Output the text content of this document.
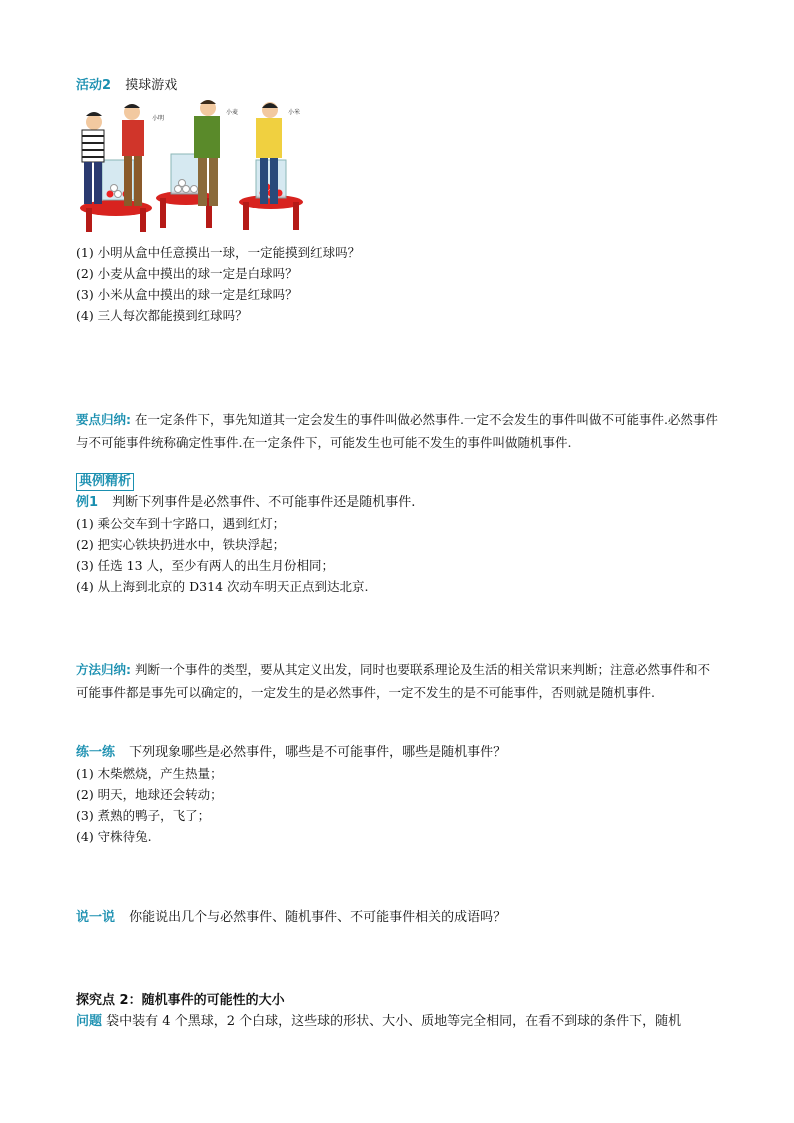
活动2 摸球游戏
小明
小麦	小米
(1) 小明从盒中任意摸出一球，一定能摸到红球吗？
(2) 小麦从盒中摸出的球一定是白球吗？
(3) 小米从盒中摸出的球一定是红球吗？
(4) 三人每次都能摸到红球吗？
要点归纳: 在一定条件下，事先知道其一定会发生的事件叫做必然事件.一定不会发生的事件叫做不可能事件.必然事件与不可能事件统称确定性事件.在一定条件下，可能发生也可能不发生的事件叫做随机事件.
典例精析
例1 判断下列事件是必然事件、不可能事件还是随机事件.
(1) 乘公交车到十字路口，遇到红灯；
(2) 把实心铁块扔进水中，铁块浮起；
(3) 任选 13 人，至少有两人的出生月份相同；
(4) 从上海到北京的 D314 次动车明天正点到达北京.
方法归纳: 判断一个事件的类型，要从其定义出发，同时也要联系理论及生活的相关常识来判断；注意必然事件和不可能事件都是事先可以确定的，一定发生的是必然事件，一定不发生的是不可能事件，否则就是随机事件.
练一练 下列现象哪些是必然事件，哪些是不可能事件，哪些是随机事件？
(1) 木柴燃烧，产生热量；
(2) 明天，地球还会转动；
(3) 煮熟的鸭子，飞了；
(4) 守株待兔.
说一说 你能说出几个与必然事件、随机事件、不可能事件相关的成语吗？
探究点 2：随机事件的可能性的大小
问题 袋中装有 4 个黑球，2 个白球，这些球的形状、大小、质地等完全相同，在看不到球的条件下，随机
